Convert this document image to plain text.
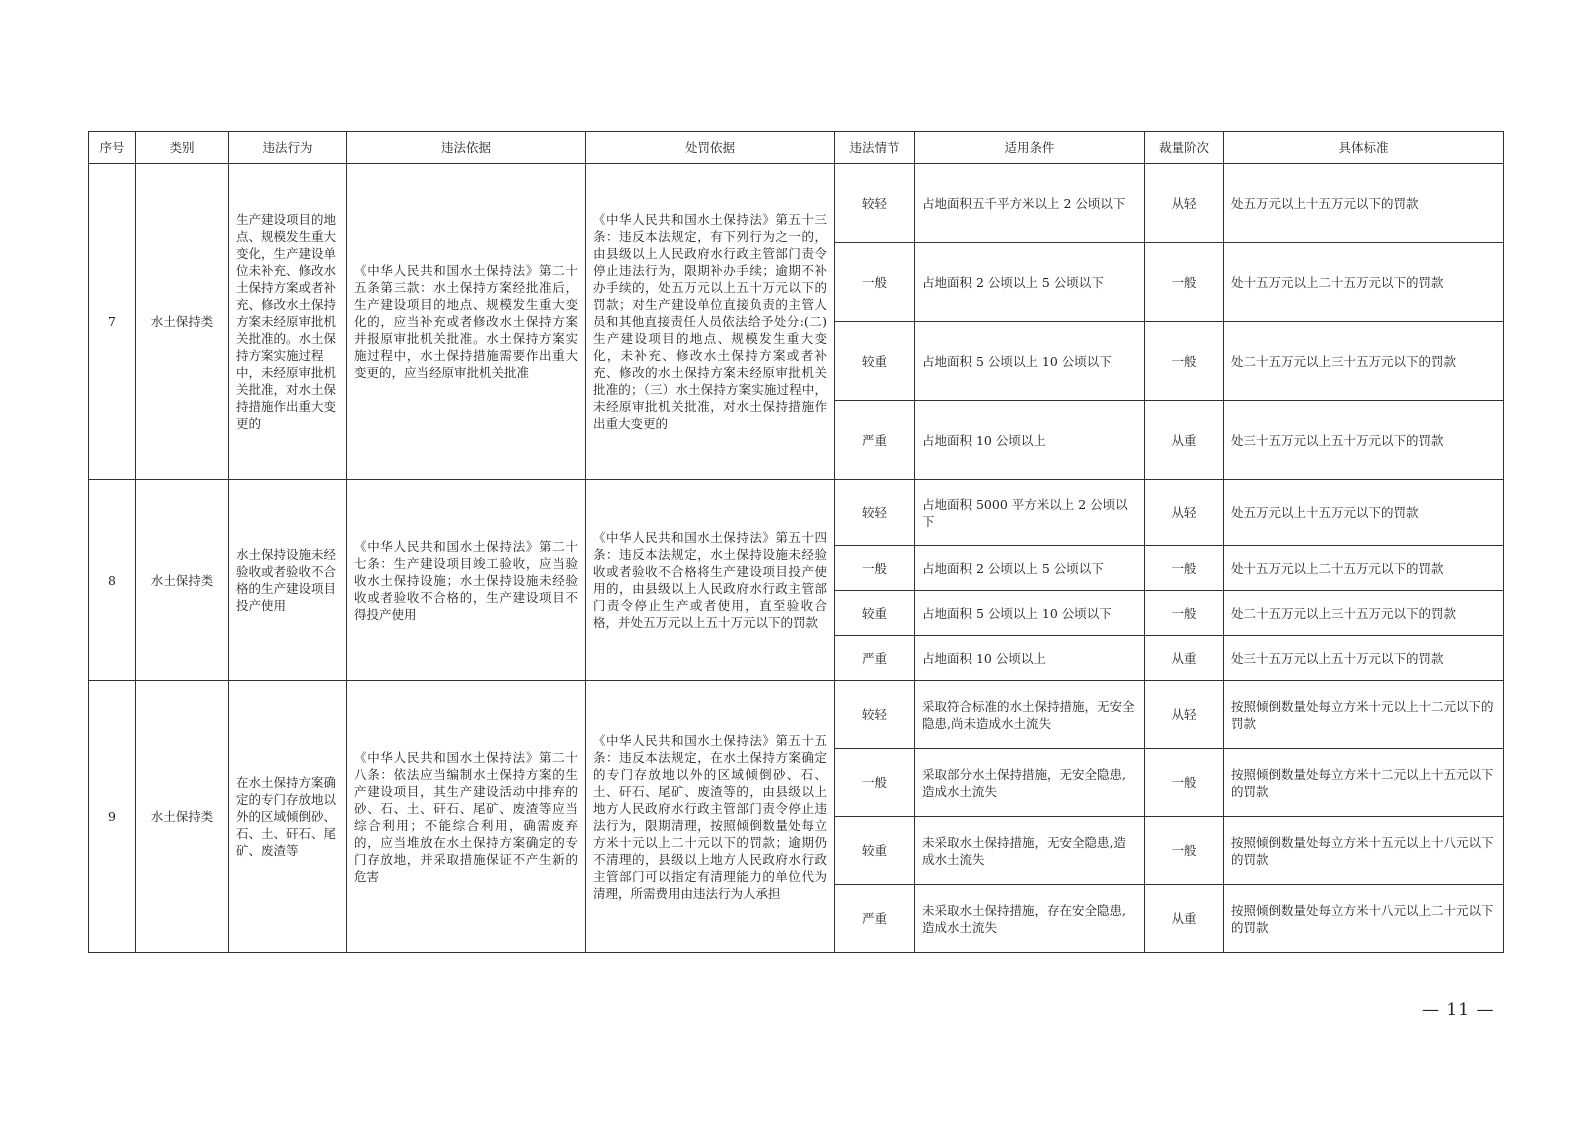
序号	类别	违法行为	违法依据	处罚依据	违法情节	适用条件	裁量阶次	具体标准
7	水土保持类	生产建设项目的地点、规模发生重大变化，生产建设单位未补充、修改水土保持方案或者补充、修改水土保持方案未经原审批机关批准的。水土保持方案实施过程中，未经原审批机关批准，对水土保持措施作出重大变更的	《中华人民共和国水土保持法》第二十五条第三款：水土保持方案经批准后，生产建设项目的地点、规模发生重大变化的，应当补充或者修改水土保持方案并报原审批机关批准。水土保持方案实施过程中，水土保持措施需要作出重大变更的，应当经原审批机关批准	《中华人民共和国水土保持法》第五十三条：违反本法规定，有下列行为之一的，由县级以上人民政府水行政主管部门责令停止违法行为，限期补办手续；逾期不补办手续的，处五万元以上五十万元以下的罚款；对生产建设单位直接负责的主管人员和其他直接责任人员依法给予处分:(二)生产建设项目的地点、规模发生重大变化，未补充、修改水土保持方案或者补充、修改的水土保持方案未经原审批机关批准的；（三）水土保持方案实施过程中，未经原审批机关批准，对水土保持措施作出重大变更的	较轻	占地面积五千平方米以上 2 公顷以下	从轻	处五万元以上十五万元以下的罚款
					一般	占地面积 2 公顷以上 5 公顷以下	一般	处十五万元以上二十五万元以下的罚款
					较重	占地面积 5 公顷以上 10 公顷以下	一般	处二十五万元以上三十五万元以下的罚款
					严重	占地面积 10 公顷以上	从重	处三十五万元以上五十万元以下的罚款
8	水土保持类	水土保持设施未经验收或者验收不合格的生产建设项目投产使用	《中华人民共和国水土保持法》第二十七条：生产建设项目竣工验收，应当验收水土保持设施；水土保持设施未经验收或者验收不合格的，生产建设项目不得投产使用	《中华人民共和国水土保持法》第五十四条：违反本法规定，水土保持设施未经验收或者验收不合格将生产建设项目投产使用的，由县级以上人民政府水行政主管部门责令停止生产或者使用，直至验收合格，并处五万元以上五十万元以下的罚款	较轻	占地面积 5000 平方米以上 2 公顷以下	从轻	处五万元以上十五万元以下的罚款
					一般	占地面积 2 公顷以上 5 公顷以下	一般	处十五万元以上二十五万元以下的罚款
					较重	占地面积 5 公顷以上 10 公顷以下	一般	处二十五万元以上三十五万元以下的罚款
					严重	占地面积 10 公顷以上	从重	处三十五万元以上五十万元以下的罚款
9	水土保持类	在水土保持方案确定的专门存放地以外的区域倾倒砂、石、土、矸石、尾矿、废渣等	《中华人民共和国水土保持法》第二十八条：依法应当编制水土保持方案的生产建设项目，其生产建设活动中排弃的砂、石、土、矸石、尾矿、废渣等应当综合利用；不能综合利用，确需废弃的，应当堆放在水土保持方案确定的专门存放地，并采取措施保证不产生新的危害	《中华人民共和国水土保持法》第五十五条：违反本法规定，在水土保持方案确定的专门存放地以外的区域倾倒砂、石、土、矸石、尾矿、废渣等的，由县级以上地方人民政府水行政主管部门责令停止违法行为，限期清理，按照倾倒数量处每立方米十元以上二十元以下的罚款；逾期仍不清理的，县级以上地方人民政府水行政主管部门可以指定有清理能力的单位代为清理，所需费用由违法行为人承担	较轻	采取符合标准的水土保持措施，无安全隐患,尚未造成水土流失	从轻	按照倾倒数量处每立方米十元以上十二元以下的罚款
					一般	采取部分水土保持措施，无安全隐患,造成水土流失	一般	按照倾倒数量处每立方米十二元以上十五元以下的罚款
					较重	未采取水土保持措施，无安全隐患,造成水土流失	一般	按照倾倒数量处每立方米十五元以上十八元以下的罚款
					严重	未采取水土保持措施，存在安全隐患,造成水土流失	从重	按照倾倒数量处每立方米十八元以上二十元以下的罚款
— 11 —
